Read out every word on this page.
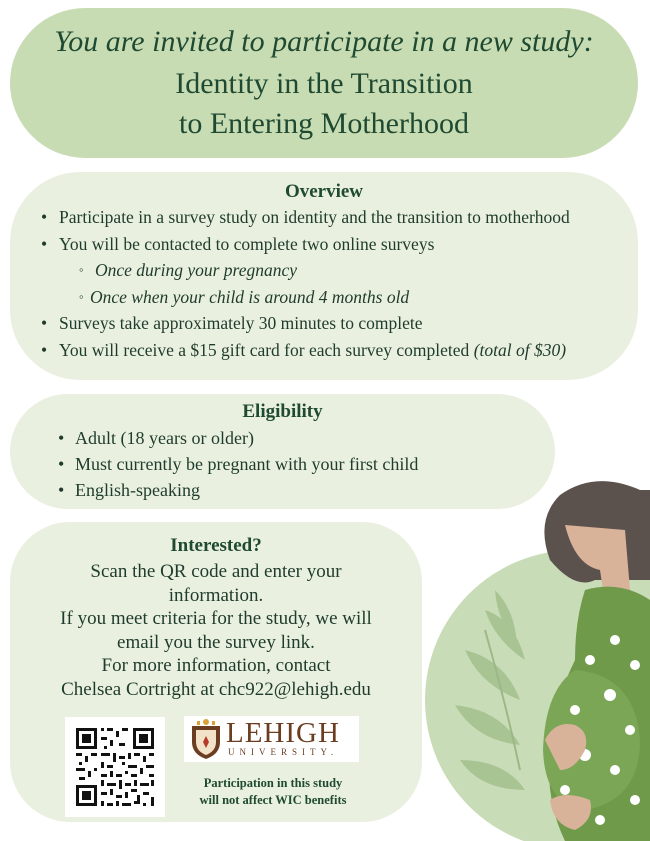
You are invited to participate in a new study:
Identity in the Transition
to Entering Motherhood
Overview
• Participate in a survey study on identity and the transition to motherhood
• You will be contacted to complete two online surveys
◦ Once during your pregnancy
◦ Once when your child is around 4 months old
• Surveys take approximately 30 minutes to complete
• You will receive a $15 gift card for each survey completed (total of $30)
Eligibility
• Adult (18 years or older)
• Must currently be pregnant with your first child
• English-speaking
Interested?
Scan the QR code and enter your
information.
If you meet criteria for the study, we will
email you the survey link.
For more information, contact
Chelsea Cortright at chc922@lehigh.edu
LEHIGH
UNIVERSITY.
Participation in this study
will not affect WIC benefits
